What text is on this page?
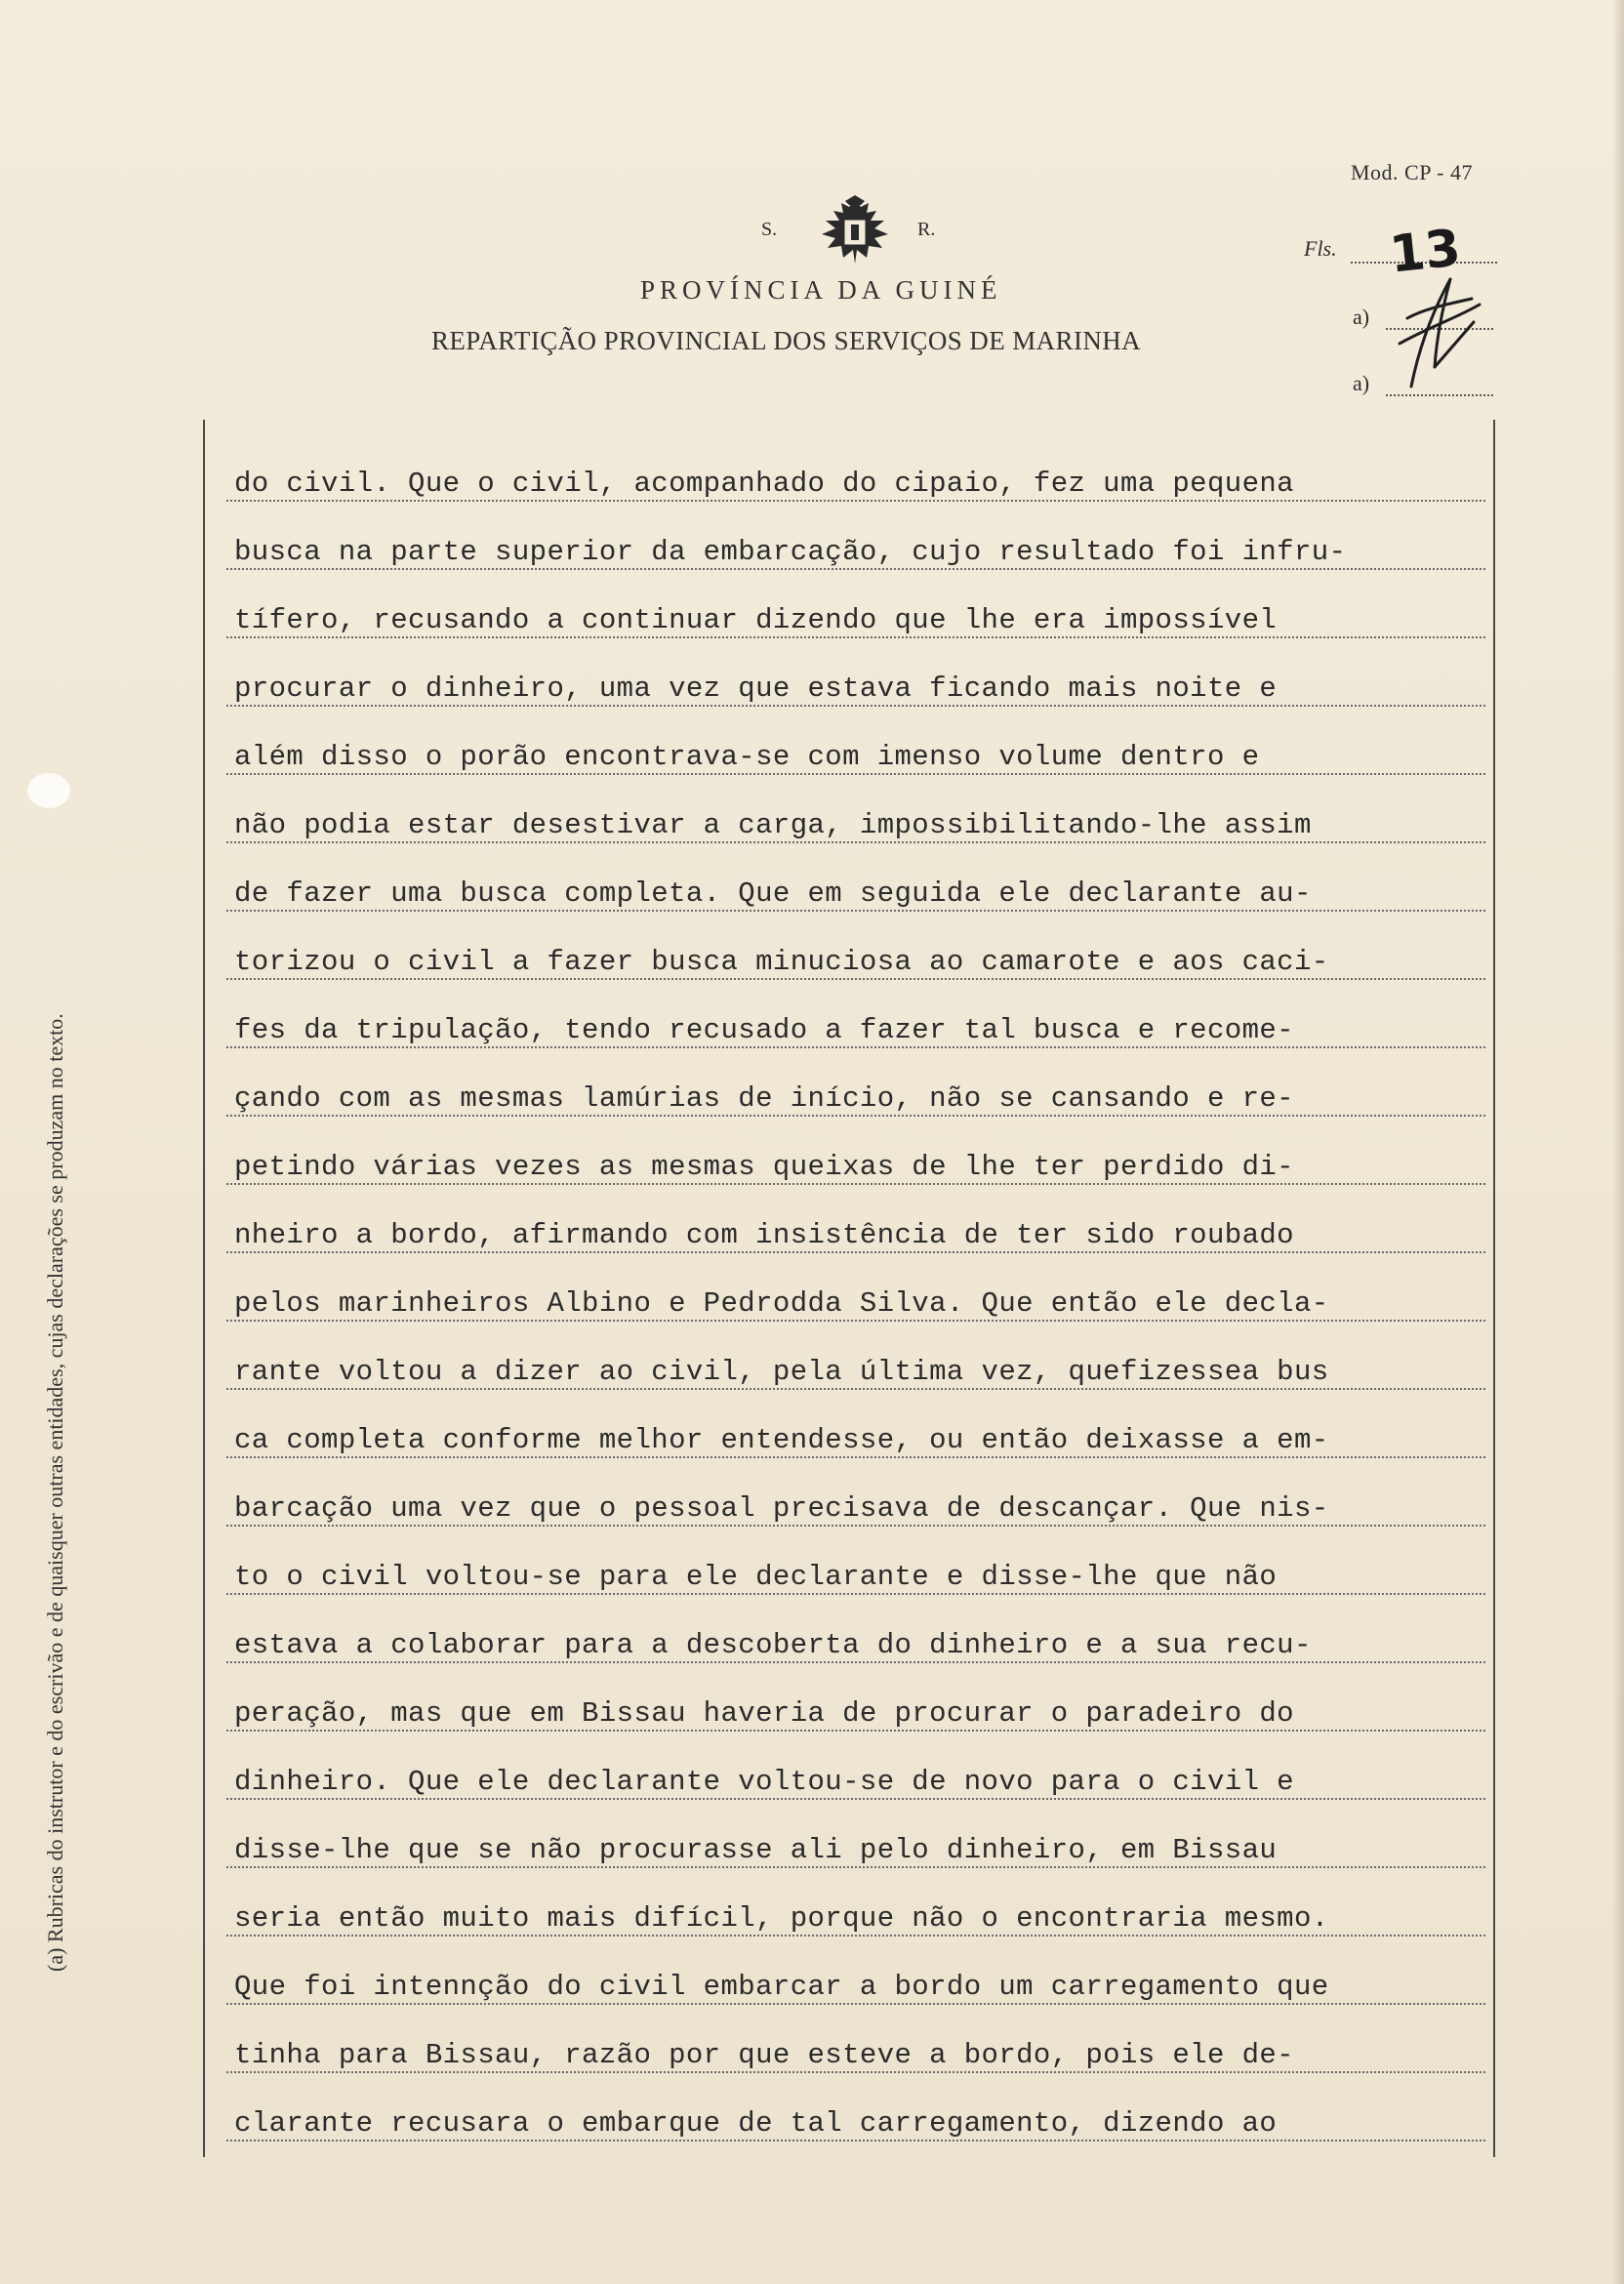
Mod. CP - 47
S.	R.
PROVÍNCIA DA GUINÉ
REPARTIÇÃO PROVINCIAL DOS SERVIÇOS DE MARINHA
Fls. 13
a)
a)
(a) Rubricas do instrutor e do escrivão e de quaisquer outras entidades, cujas declarações se produzam no texto.
do civil. Que o civil, acompanhado do cipaio, fez uma pequena
busca na parte superior da embarcação, cujo resultado foi infru-
tífero, recusando a continuar dizendo que lhe era impossível
procurar o dinheiro, uma vez que estava ficando mais noite e
além disso o porão encontrava-se com imenso volume dentro e
não podia estar desestivar a carga, impossibilitando-lhe assim
de fazer uma busca completa. Que em seguida ele declarante au-
torizou o civil a fazer busca minuciosa ao camarote e aos caci-
fes da tripulação, tendo recusado a fazer tal busca e recome-
çando com as mesmas lamúrias de início, não se cansando e re-
petindo várias vezes as mesmas queixas de lhe ter perdido di-
nheiro a bordo, afirmando com insistência de ter sido roubado
pelos marinheiros Albino e Pedrodda Silva. Que então ele decla-
rante voltou a dizer ao civil, pela última vez, quefizessea bus
ca completa conforme melhor entendesse, ou então deixasse a em-
barcação uma vez que o pessoal precisava de descançar. Que nis-
to o civil voltou-se para ele declarante e disse-lhe que não
estava a colaborar para a descoberta do dinheiro e a sua recu-
peração, mas que em Bissau haveria de procurar o paradeiro do
dinheiro. Que ele declarante voltou-se de novo para o civil e
disse-lhe que se não procurasse ali pelo dinheiro, em Bissau
seria então muito mais difícil, porque não o encontraria mesmo.
Que foi intennção do civil embarcar a bordo um carregamento que
tinha para Bissau, razão por que esteve a bordo, pois ele de-
clarante recusara o embarque de tal carregamento, dizendo ao
